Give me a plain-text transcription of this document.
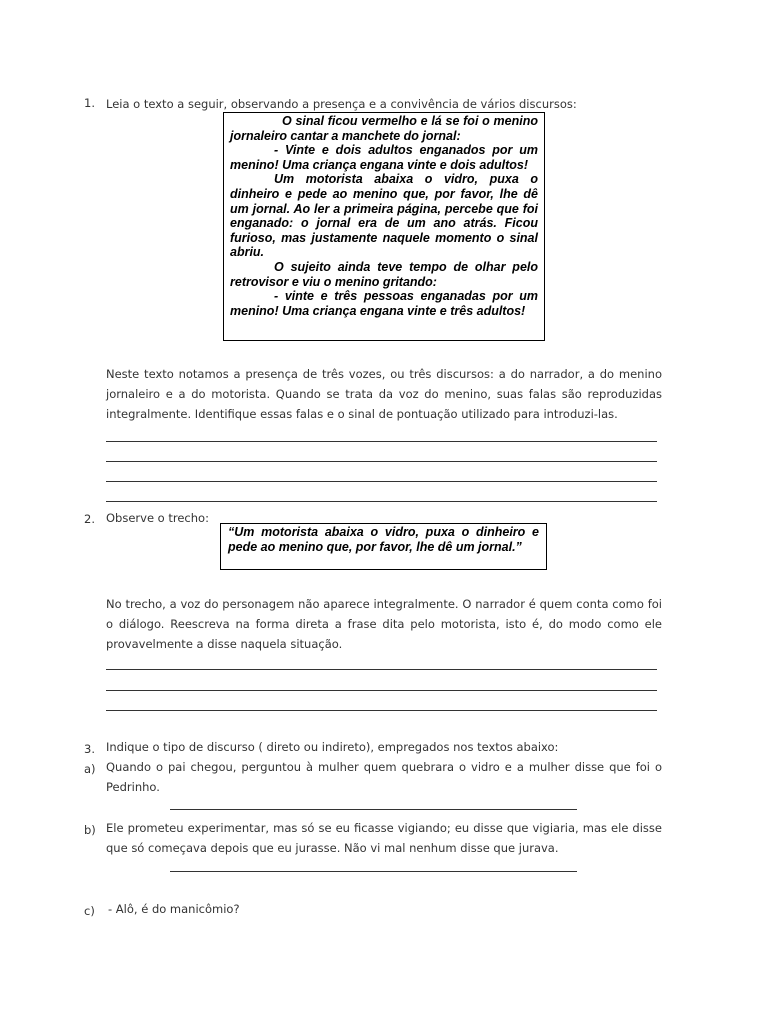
1. Leia o texto a seguir, observando a presença e a convivência de vários discursos:

O sinal ficou vermelho e lá se foi o menino jornaleiro cantar a manchete do jornal:

- Vinte e dois adultos enganados por um menino! Uma criança engana vinte e dois adultos!

Um motorista abaixa o vidro, puxa o dinheiro e pede ao menino que, por favor, lhe dê um jornal. Ao ler a primeira página, percebe que foi enganado: o jornal era de um ano atrás. Ficou furioso, mas justamente naquele momento o sinal abriu.

O sujeito ainda teve tempo de olhar pelo retrovisor e viu o menino gritando:

- vinte e três pessoas enganadas por um menino! Uma criança engana vinte e três adultos!

Neste texto notamos a presença de três vozes, ou três discursos: a do narrador, a do menino jornaleiro e a do motorista. Quando se trata da voz do menino, suas falas são reproduzidas integralmente. Identifique essas falas e o sinal de pontuação utilizado para introduzi-las.
2. Observe o trecho:

“Um motorista abaixa o vidro, puxa o dinheiro e pede ao menino que, por favor, lhe dê um jornal.”

No trecho, a voz do personagem não aparece integralmente. O narrador é quem conta como foi o diálogo. Reescreva na forma direta a frase dita pelo motorista, isto é, do modo como ele provavelmente a disse naquela situação.
3. Indique o tipo de discurso ( direto ou indireto), empregados nos textos abaixo:
a) Quando o pai chegou, perguntou à mulher quem quebrara o vidro e a mulher disse que foi o Pedrinho.
b) Ele prometeu experimentar, mas só se eu ficasse vigiando; eu disse que vigiaria, mas ele disse que só começava depois que eu jurasse. Não vi mal nenhum disse que jurava.
c) - Alô, é do manicômio?
